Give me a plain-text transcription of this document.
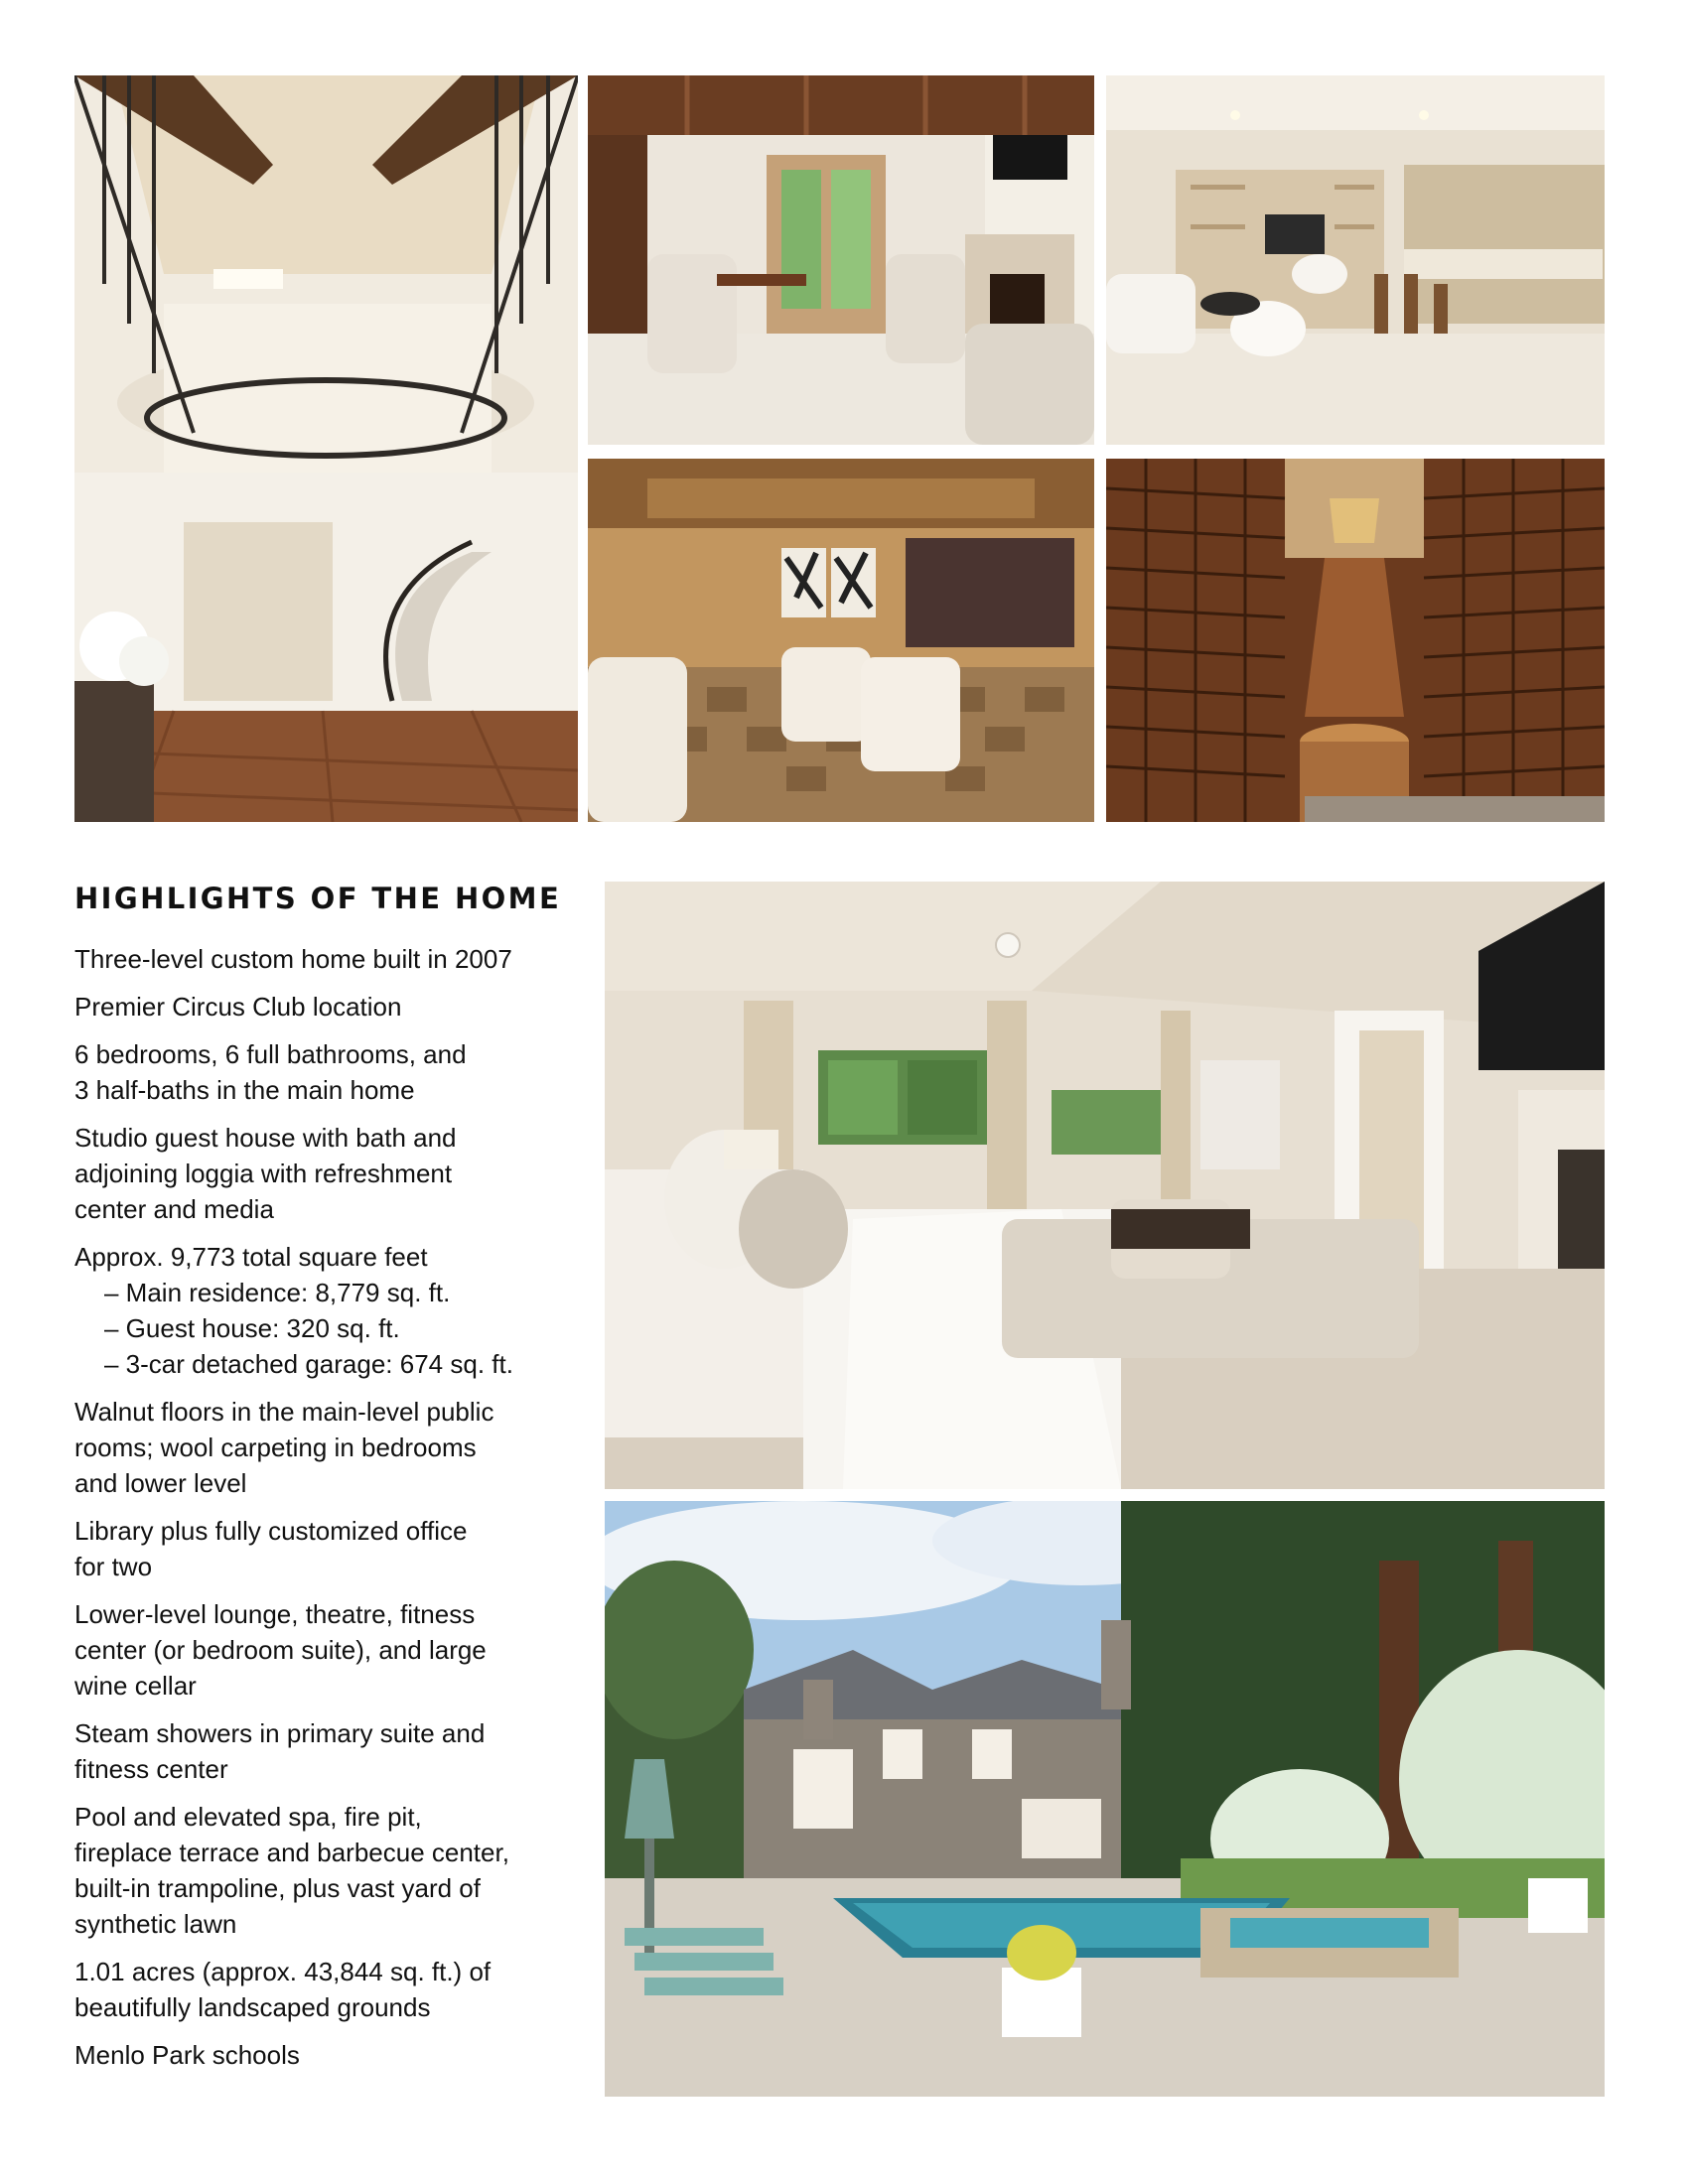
HIGHLIGHTS OF THE HOME
Three-level custom home built in 2007
Premier Circus Club location
6 bedrooms, 6 full bathrooms, and
3 half-baths in the main home
Studio guest house with bath and
adjoining loggia with refreshment
center and media
Approx. 9,773 total square feet
– Main residence: 8,779 sq. ft.
– Guest house: 320 sq. ft.
– 3-car detached garage: 674 sq. ft.
Walnut floors in the main-level public
rooms; wool carpeting in bedrooms
and lower level
Library plus fully customized office
for two
Lower-level lounge, theatre, fitness
center (or bedroom suite), and large
wine cellar
Steam showers in primary suite and
fitness center
Pool and elevated spa, fire pit,
fireplace terrace and barbecue center,
built-in trampoline, plus vast yard of
synthetic lawn
1.01 acres (approx. 43,844 sq. ft.) of
beautifully landscaped grounds
Menlo Park schools
